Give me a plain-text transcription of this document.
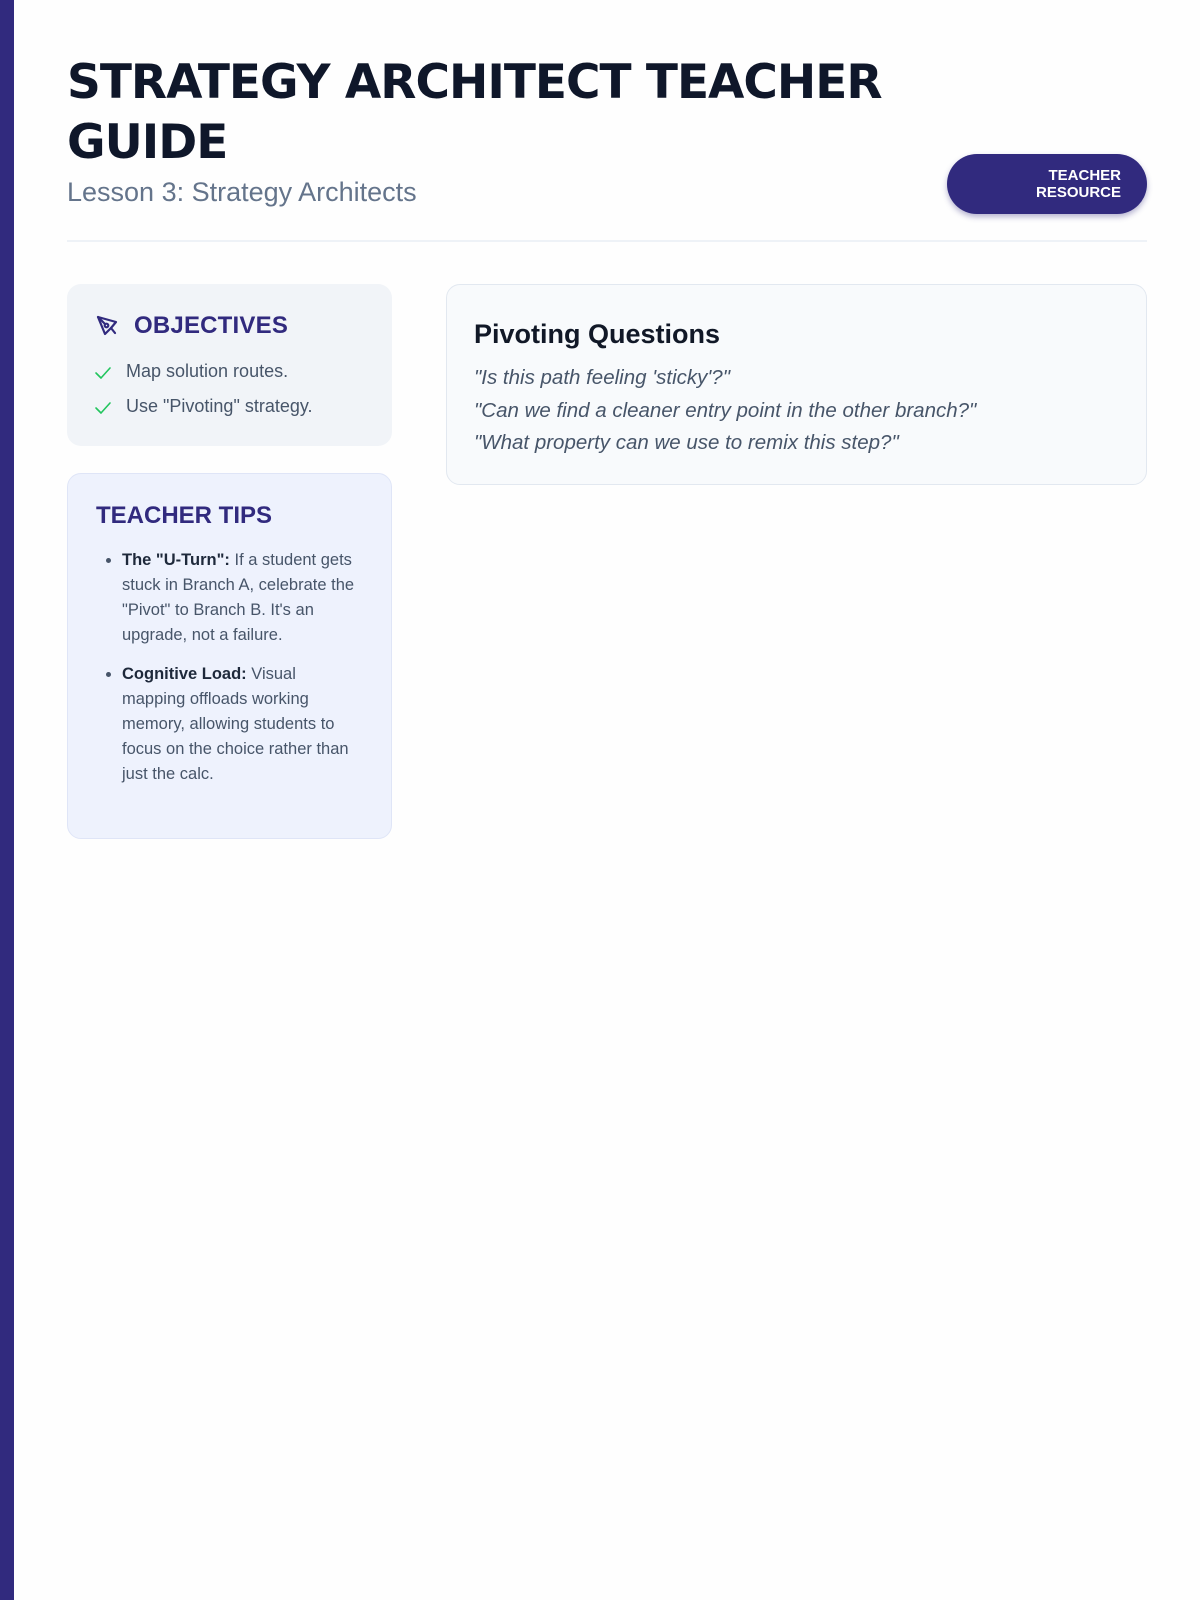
STRATEGY ARCHITECT TEACHER GUIDE
Lesson 3: Strategy Architects
TEACHER
RESOURCE
OBJECTIVES
Map solution routes.
Use "Pivoting" strategy.
TEACHER TIPS
• The "U-Turn": If a student gets stuck in Branch A, celebrate the "Pivot" to Branch B. It's an upgrade, not a failure.
• Cognitive Load: Visual mapping offloads working memory, allowing students to focus on the choice rather than just the calc.
Pivoting Questions
"Is this path feeling 'sticky'?"
"Can we find a cleaner entry point in the other branch?"
"What property can we use to remix this step?"
